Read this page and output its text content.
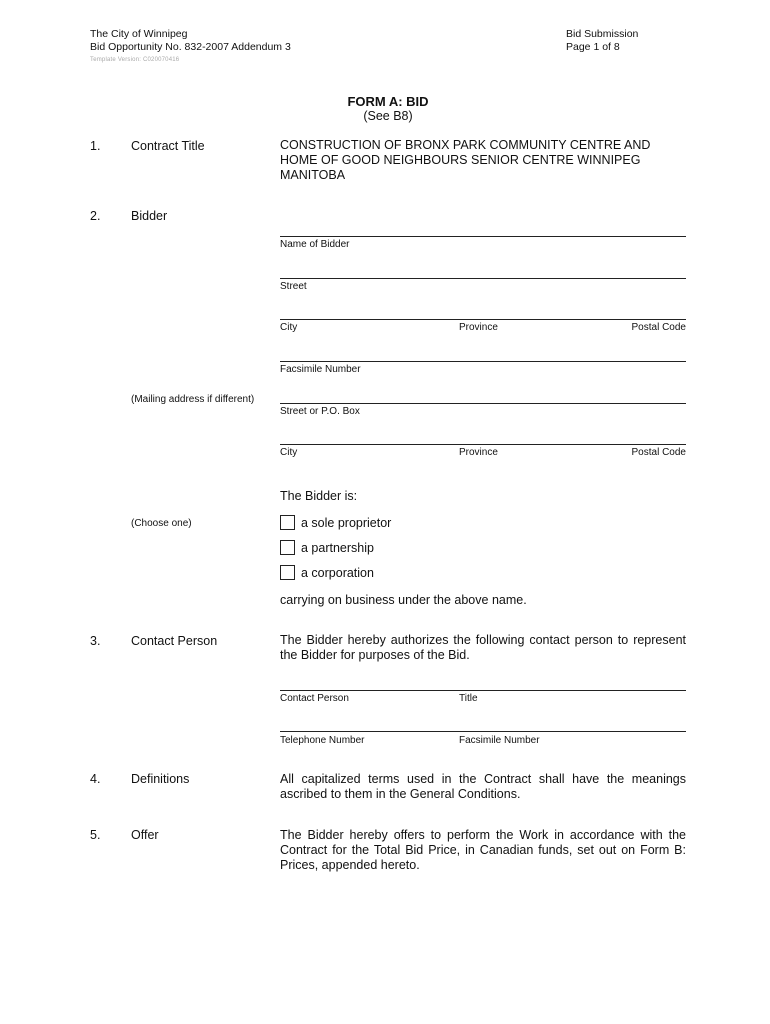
The City of Winnipeg
Bid Opportunity No. 832-2007 Addendum 3
Template Version: C020070416
Bid Submission
Page 1 of 8
FORM A: BID
(See B8)
1. Contract Title	CONSTRUCTION OF BRONX PARK COMMUNITY CENTRE AND HOME OF GOOD NEIGHBOURS SENIOR CENTRE WINNIPEG MANITOBA
2. Bidder
Name of Bidder
Street
City	Province	Postal Code
Facsimile Number
(Mailing address if different)
Street or P.O. Box
City	Province	Postal Code
The Bidder is:
(Choose one)	a sole proprietor
a partnership
a corporation
carrying on business under the above name.
3. Contact Person	The Bidder hereby authorizes the following contact person to represent the Bidder for purposes of the Bid.
Contact Person	Title
Telephone Number	Facsimile Number
4. Definitions	All capitalized terms used in the Contract shall have the meanings ascribed to them in the General Conditions.
5. Offer	The Bidder hereby offers to perform the Work in accordance with the Contract for the Total Bid Price, in Canadian funds, set out on Form B: Prices, appended hereto.
